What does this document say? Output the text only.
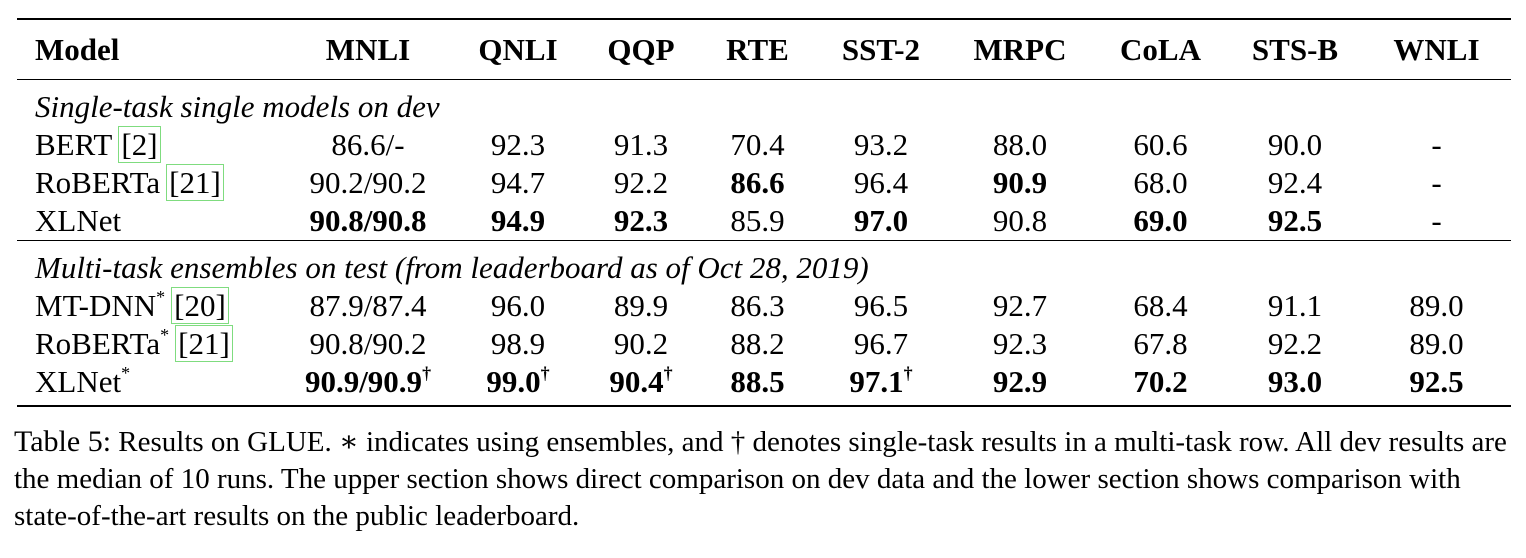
Model	MNLI	QNLI	QQP	RTE	SST-2	MRPC	CoLA	STS-B	WNLI
Single-task single models on dev									
BERT [2]	86.6/-	92.3	91.3	70.4	93.2	88.0	60.6	90.0	-
RoBERTa [21]	90.2/90.2	94.7	92.2	86.6	96.4	90.9	68.0	92.4	-
XLNet	90.8/90.8	94.9	92.3	85.9	97.0	90.8	69.0	92.5	-
Multi-task ensembles on test (from leaderboard as of Oct 28, 2019)									
MT-DNN* [20]	87.9/87.4	96.0	89.9	86.3	96.5	92.7	68.4	91.1	89.0
RoBERTa* [21]	90.8/90.2	98.9	90.2	88.2	96.7	92.3	67.8	92.2	89.0
XLNet*	90.9/90.9†	99.0†	90.4†	88.5	97.1†	92.9	70.2	93.0	92.5
Table 5: Results on GLUE. ∗ indicates using ensembles, and † denotes single-task results in a multi-task row. All dev results are the median of 10 runs. The upper section shows direct comparison on dev data and the lower section shows comparison with state-of-the-art results on the public leaderboard.
